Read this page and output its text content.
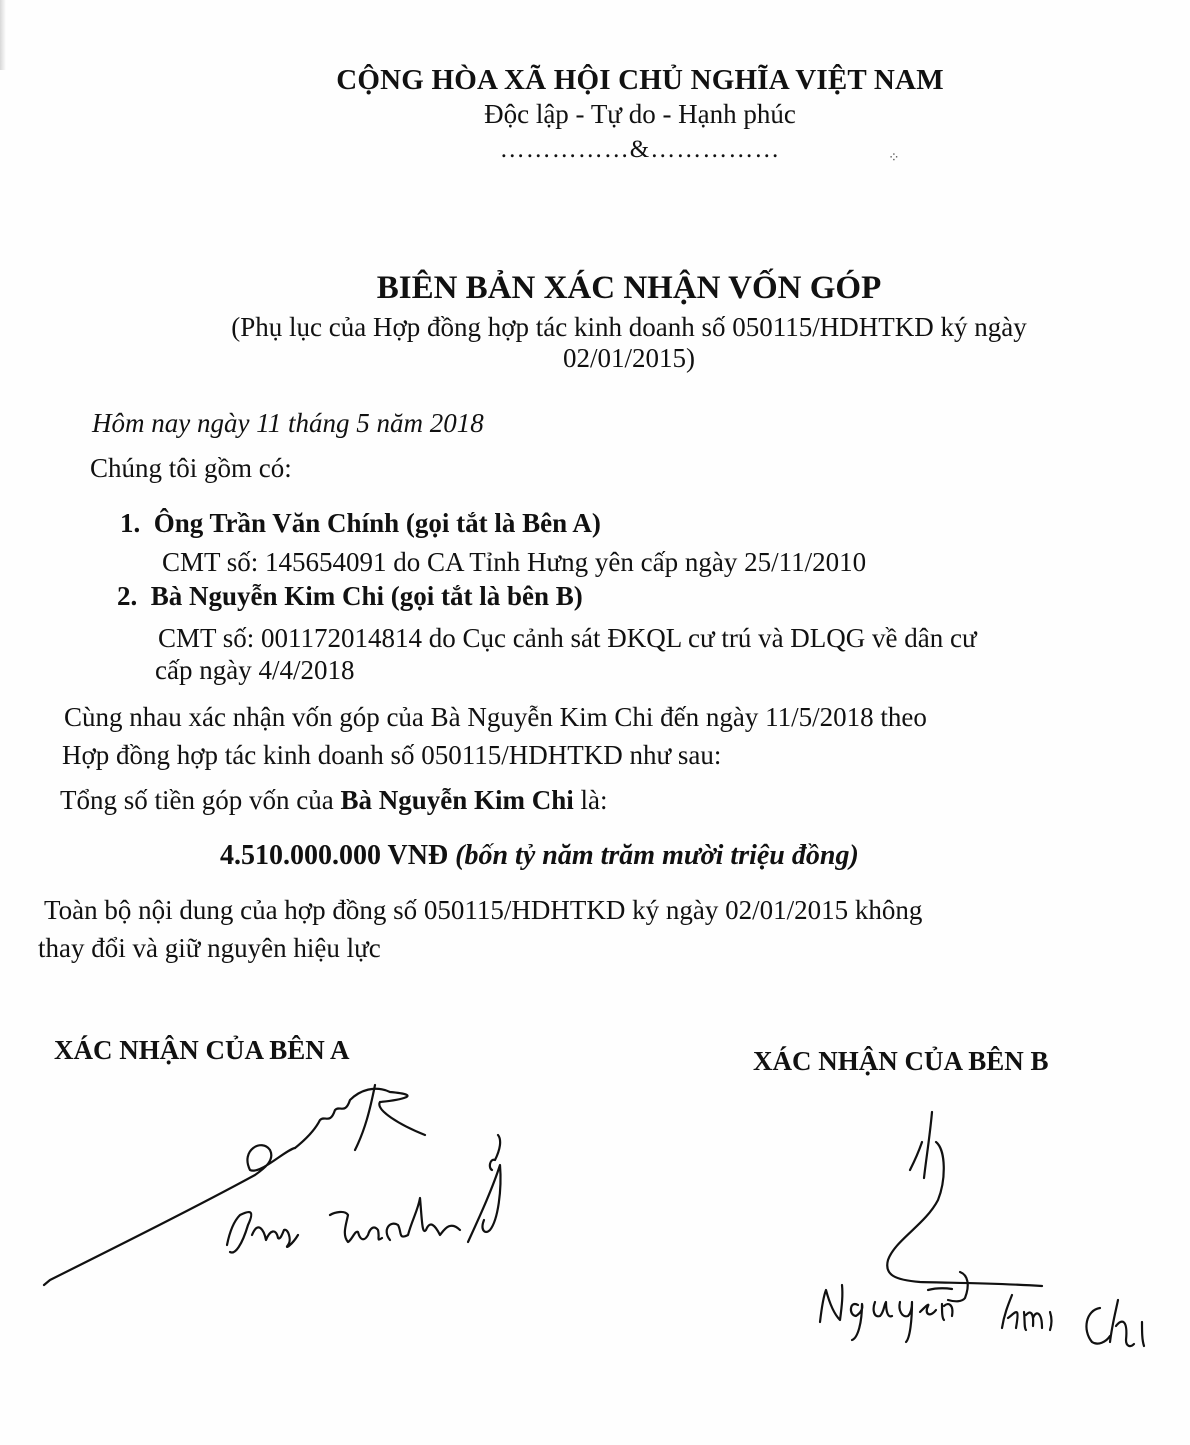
CỘNG HÒA XÃ HỘI CHỦ NGHĨA VIỆT NAM
Độc lập - Tự do - Hạnh phúc
……………&……………	⁘
BIÊN BẢN XÁC NHẬN VỐN GÓP
(Phụ lục của Hợp đồng hợp tác kinh doanh số 050115/HDHTKD ký ngày
02/01/2015)
Hôm nay ngày 11 tháng 5 năm 2018
Chúng tôi gồm có:
1. Ông Trần Văn Chính (gọi tắt là Bên A)
CMT số: 145654091 do CA Tỉnh Hưng yên cấp ngày 25/11/2010
2. Bà Nguyễn Kim Chi (gọi tắt là bên B)
CMT số: 001172014814 do Cục cảnh sát ĐKQL cư trú và DLQG về dân cư
cấp ngày 4/4/2018
Cùng nhau xác nhận vốn góp của Bà Nguyễn Kim Chi đến ngày 11/5/2018 theo
Hợp đồng hợp tác kinh doanh số 050115/HDHTKD như sau:
Tổng số tiền góp vốn của Bà Nguyễn Kim Chi là:
4.510.000.000 VNĐ (bốn tỷ năm trăm mười triệu đồng)
Toàn bộ nội dung của hợp đồng số 050115/HDHTKD ký ngày 02/01/2015 không
thay đổi và giữ nguyên hiệu lực
XÁC NHẬN CỦA BÊN A	XÁC NHẬN CỦA BÊN B
